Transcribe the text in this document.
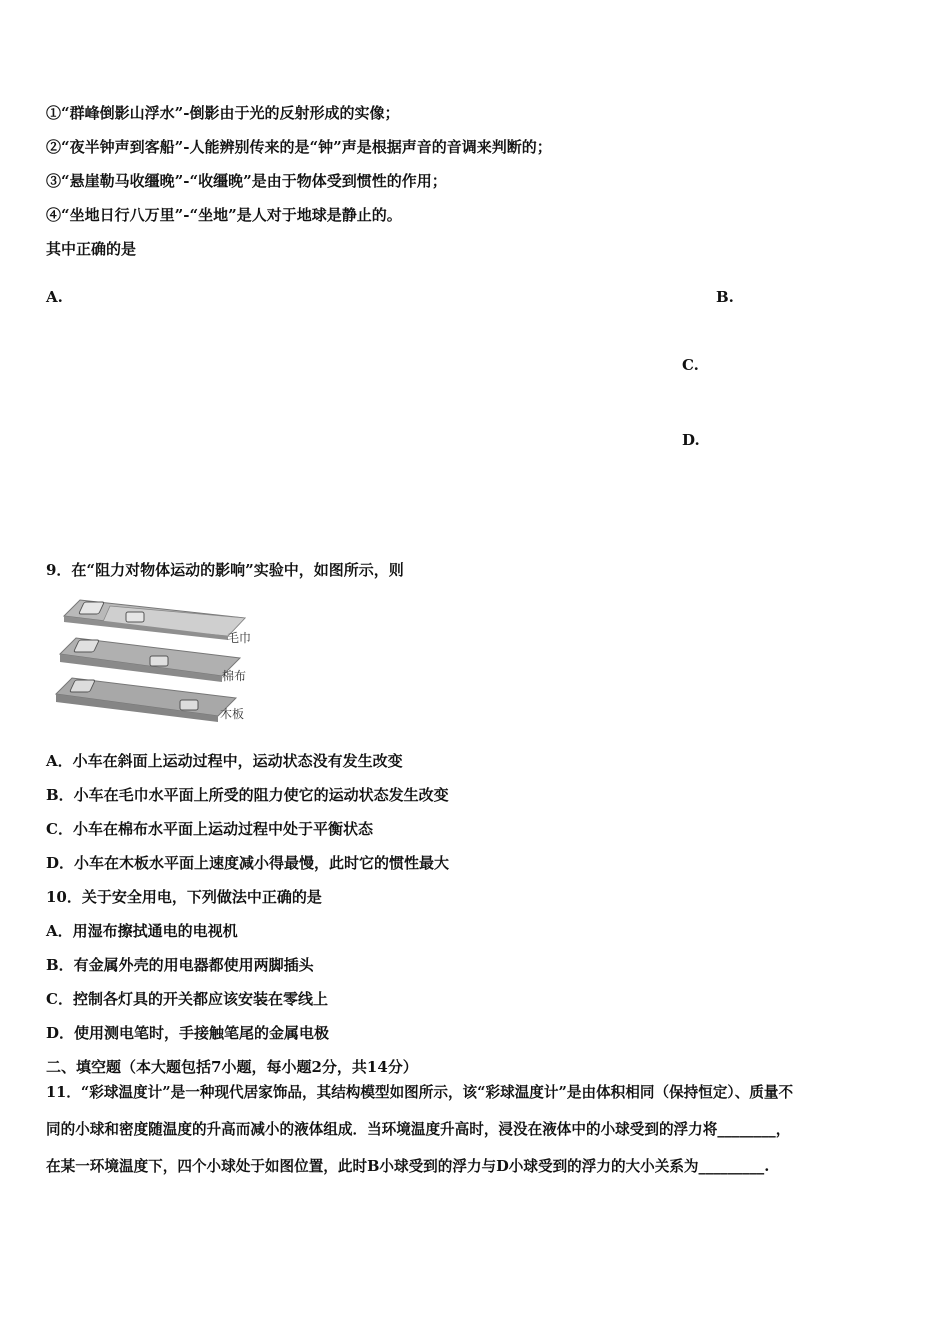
①“群峰倒影山浮水”-倒影由于光的反射形成的实像；
②“夜半钟声到客船”-人能辨别传来的是“钟”声是根据声音的音调来判断的；
③“悬崖勒马收缰晚”-“收缰晚”是由于物体受到惯性的作用；
④“坐地日行八万里”-“坐地”是人对于地球是静止的。
其中正确的是
A.	B.
C.
D.
9．在“阻力对物体运动的影响”实验中，如图所示，则
毛巾
棉布
木板
A．小车在斜面上运动过程中，运动状态没有发生改变
B．小车在毛巾水平面上所受的阻力使它的运动状态发生改变
C．小车在棉布水平面上运动过程中处于平衡状态
D．小车在木板水平面上速度减小得最慢，此时它的惯性最大
10．关于安全用电，下列做法中正确的是
A．用湿布擦拭通电的电视机
B．有金属外壳的用电器都使用两脚插头
C．控制各灯具的开关都应该安装在零线上
D．使用测电笔时，手接触笔尾的金属电极
二、填空题（本大题包括7小题，每小题2分，共14分）
11．“彩球温度计”是一种现代居家饰品，其结构模型如图所示，该“彩球温度计”是由体积相同（保持恒定）、质量不
同的小球和密度随温度的升高而减小的液体组成．当环境温度升高时，浸没在液体中的小球受到的浮力将________，
在某一环境温度下，四个小球处于如图位置，此时B小球受到的浮力与D小球受到的浮力的大小关系为_________.
